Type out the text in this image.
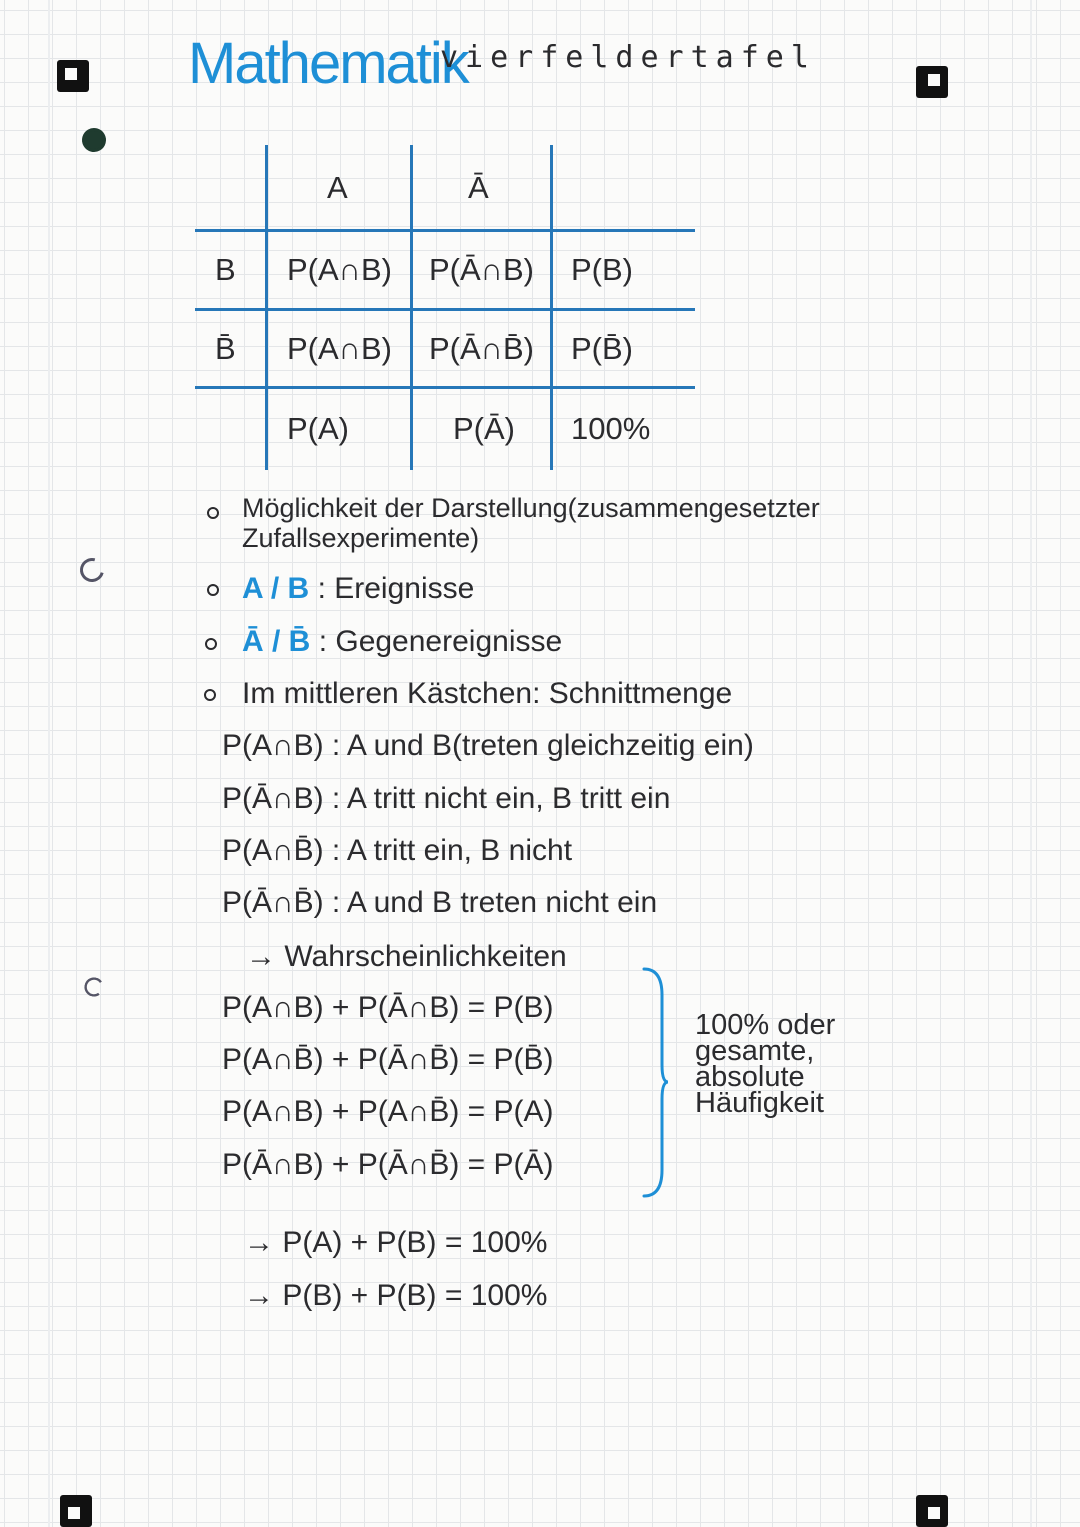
Mathematik
vierfeldertafel
A	Ā
B
B̄
P(A∩B) P(Ā∩B) P(B)
P(A∩B) P(Ā∩B̄) P(B̄)
P(A)	P(Ā) 100%
Möglichkeit der Darstellung(zusammengesetzter
Zufallsexperimente)
A / B : Ereignisse
Ā / B̄ : Gegenereignisse
Im mittleren Kästchen: Schnittmenge
P(A∩B) : A und B(treten gleichzeitig ein)
P(Ā∩B) : A tritt nicht ein, B tritt ein
P(A∩B̄) : A tritt ein, B nicht
P(Ā∩B̄) : A und B treten nicht ein
→ Wahrscheinlichkeiten
P(A∩B) + P(Ā∩B) = P(B)
P(A∩B̄) + P(Ā∩B̄) = P(B̄)
P(A∩B) + P(A∩B̄) = P(A)
P(Ā∩B) + P(Ā∩B̄) = P(Ā)
100% oder
gesamte,
absolute
Häufigkeit
→ P(A) + P(B) = 100%
→ P(B) + P(B) = 100%
